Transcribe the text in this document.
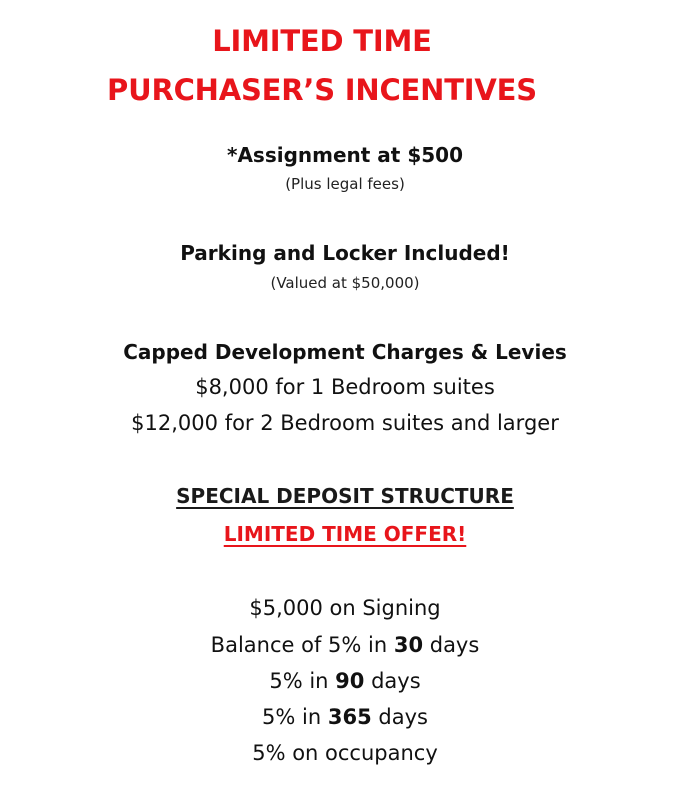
LIMITED TIME
PURCHASER’S INCENTIVES
*Assignment at $500
(Plus legal fees)
Parking and Locker Included!
(Valued at $50,000)
Capped Development Charges & Levies
$8,000 for 1 Bedroom suites
$12,000 for 2 Bedroom suites and larger
SPECIAL DEPOSIT STRUCTURE
LIMITED TIME OFFER!
$5,000 on Signing
Balance of 5% in 30 days
5% in 90 days
5% in 365 days
5% on occupancy
